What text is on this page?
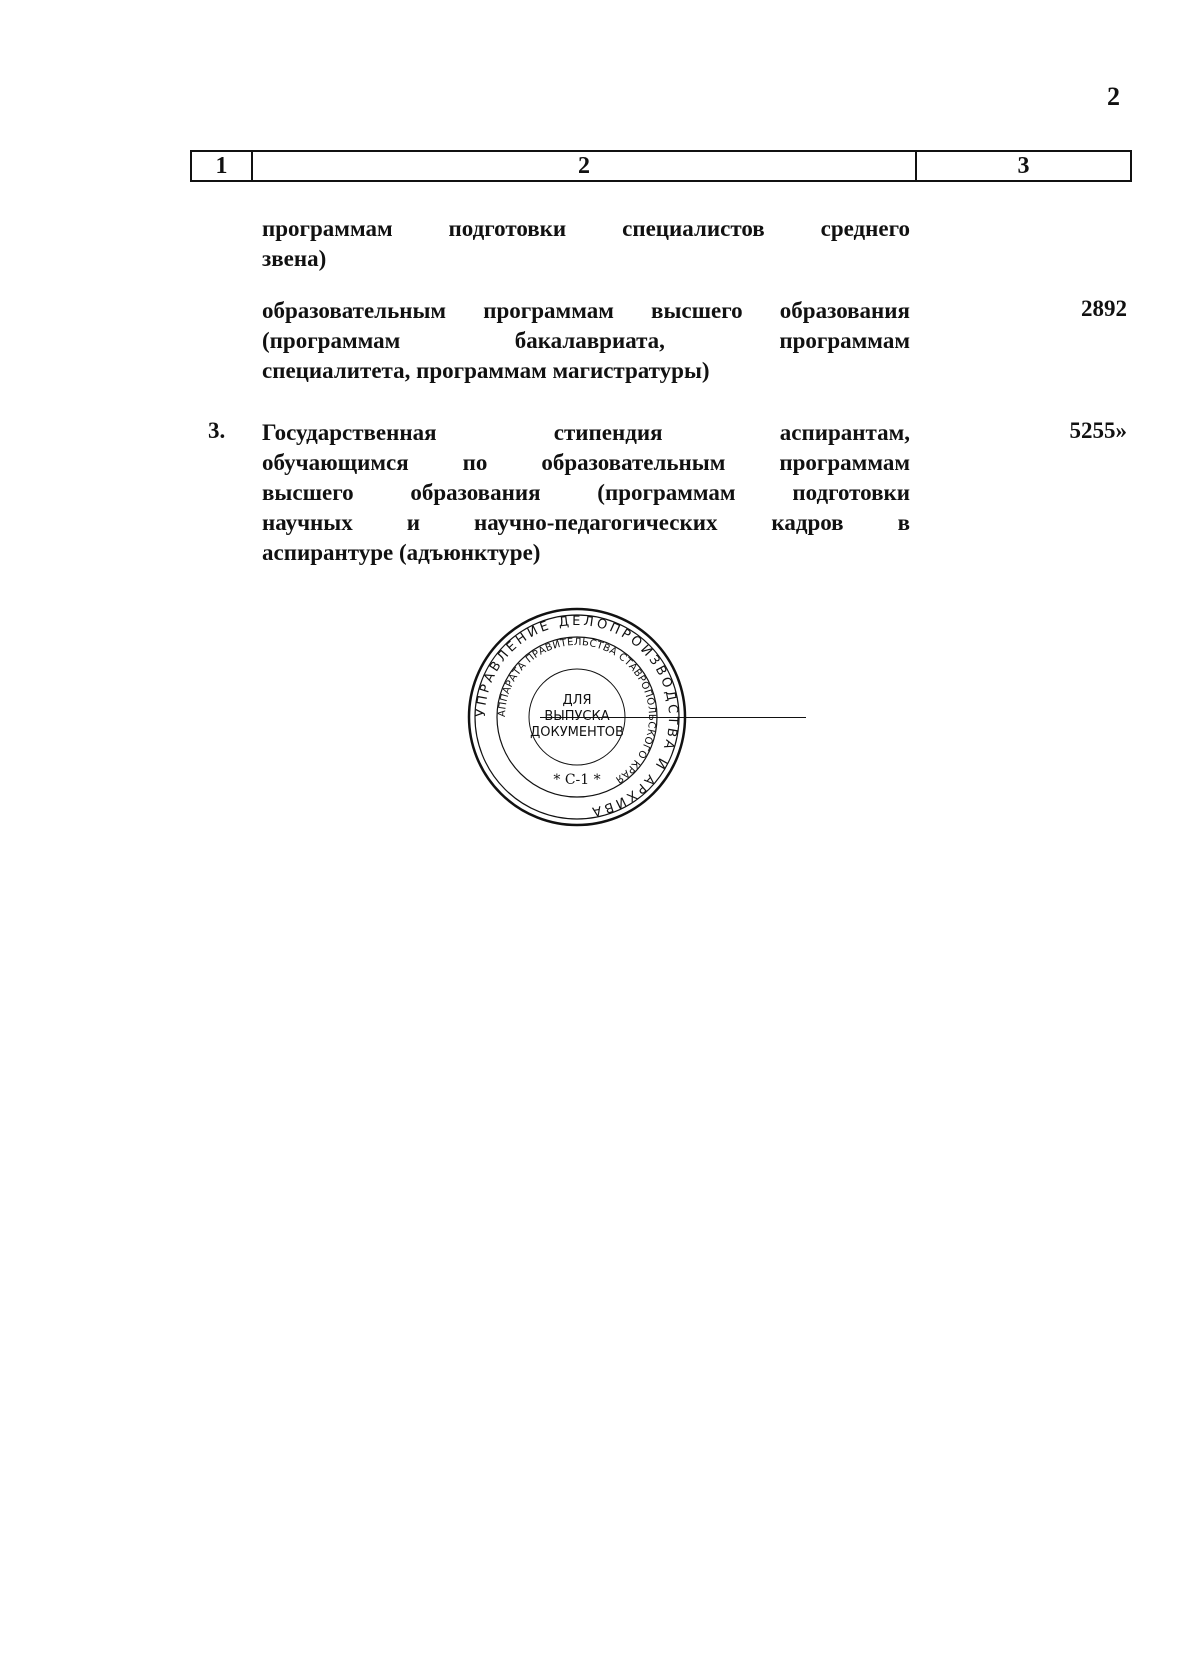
2
1	2	3
программам подготовки специалистов среднего
звена)
образовательным программам высшего образования
(программам бакалавриата, программам
специалитета, программам магистратуры)
2892
3. Государственная стипендия аспирантам,
обучающимся по образовательным программам
высшего образования (программам подготовки
научных и научно-педагогических кадров в
аспирантуре (адъюнктуре)
5255»
УПРАВЛЕНИЕ ДЕЛОПРОИЗВОДСТВА И АРХИВА
АППАРАТА ПРАВИТЕЛЬСТВА СТАВРОПОЛЬСКОГО КРАЯ
ДЛЯ
ВЫПУСКА
ДОКУМЕНТОВ
* С-1 *
